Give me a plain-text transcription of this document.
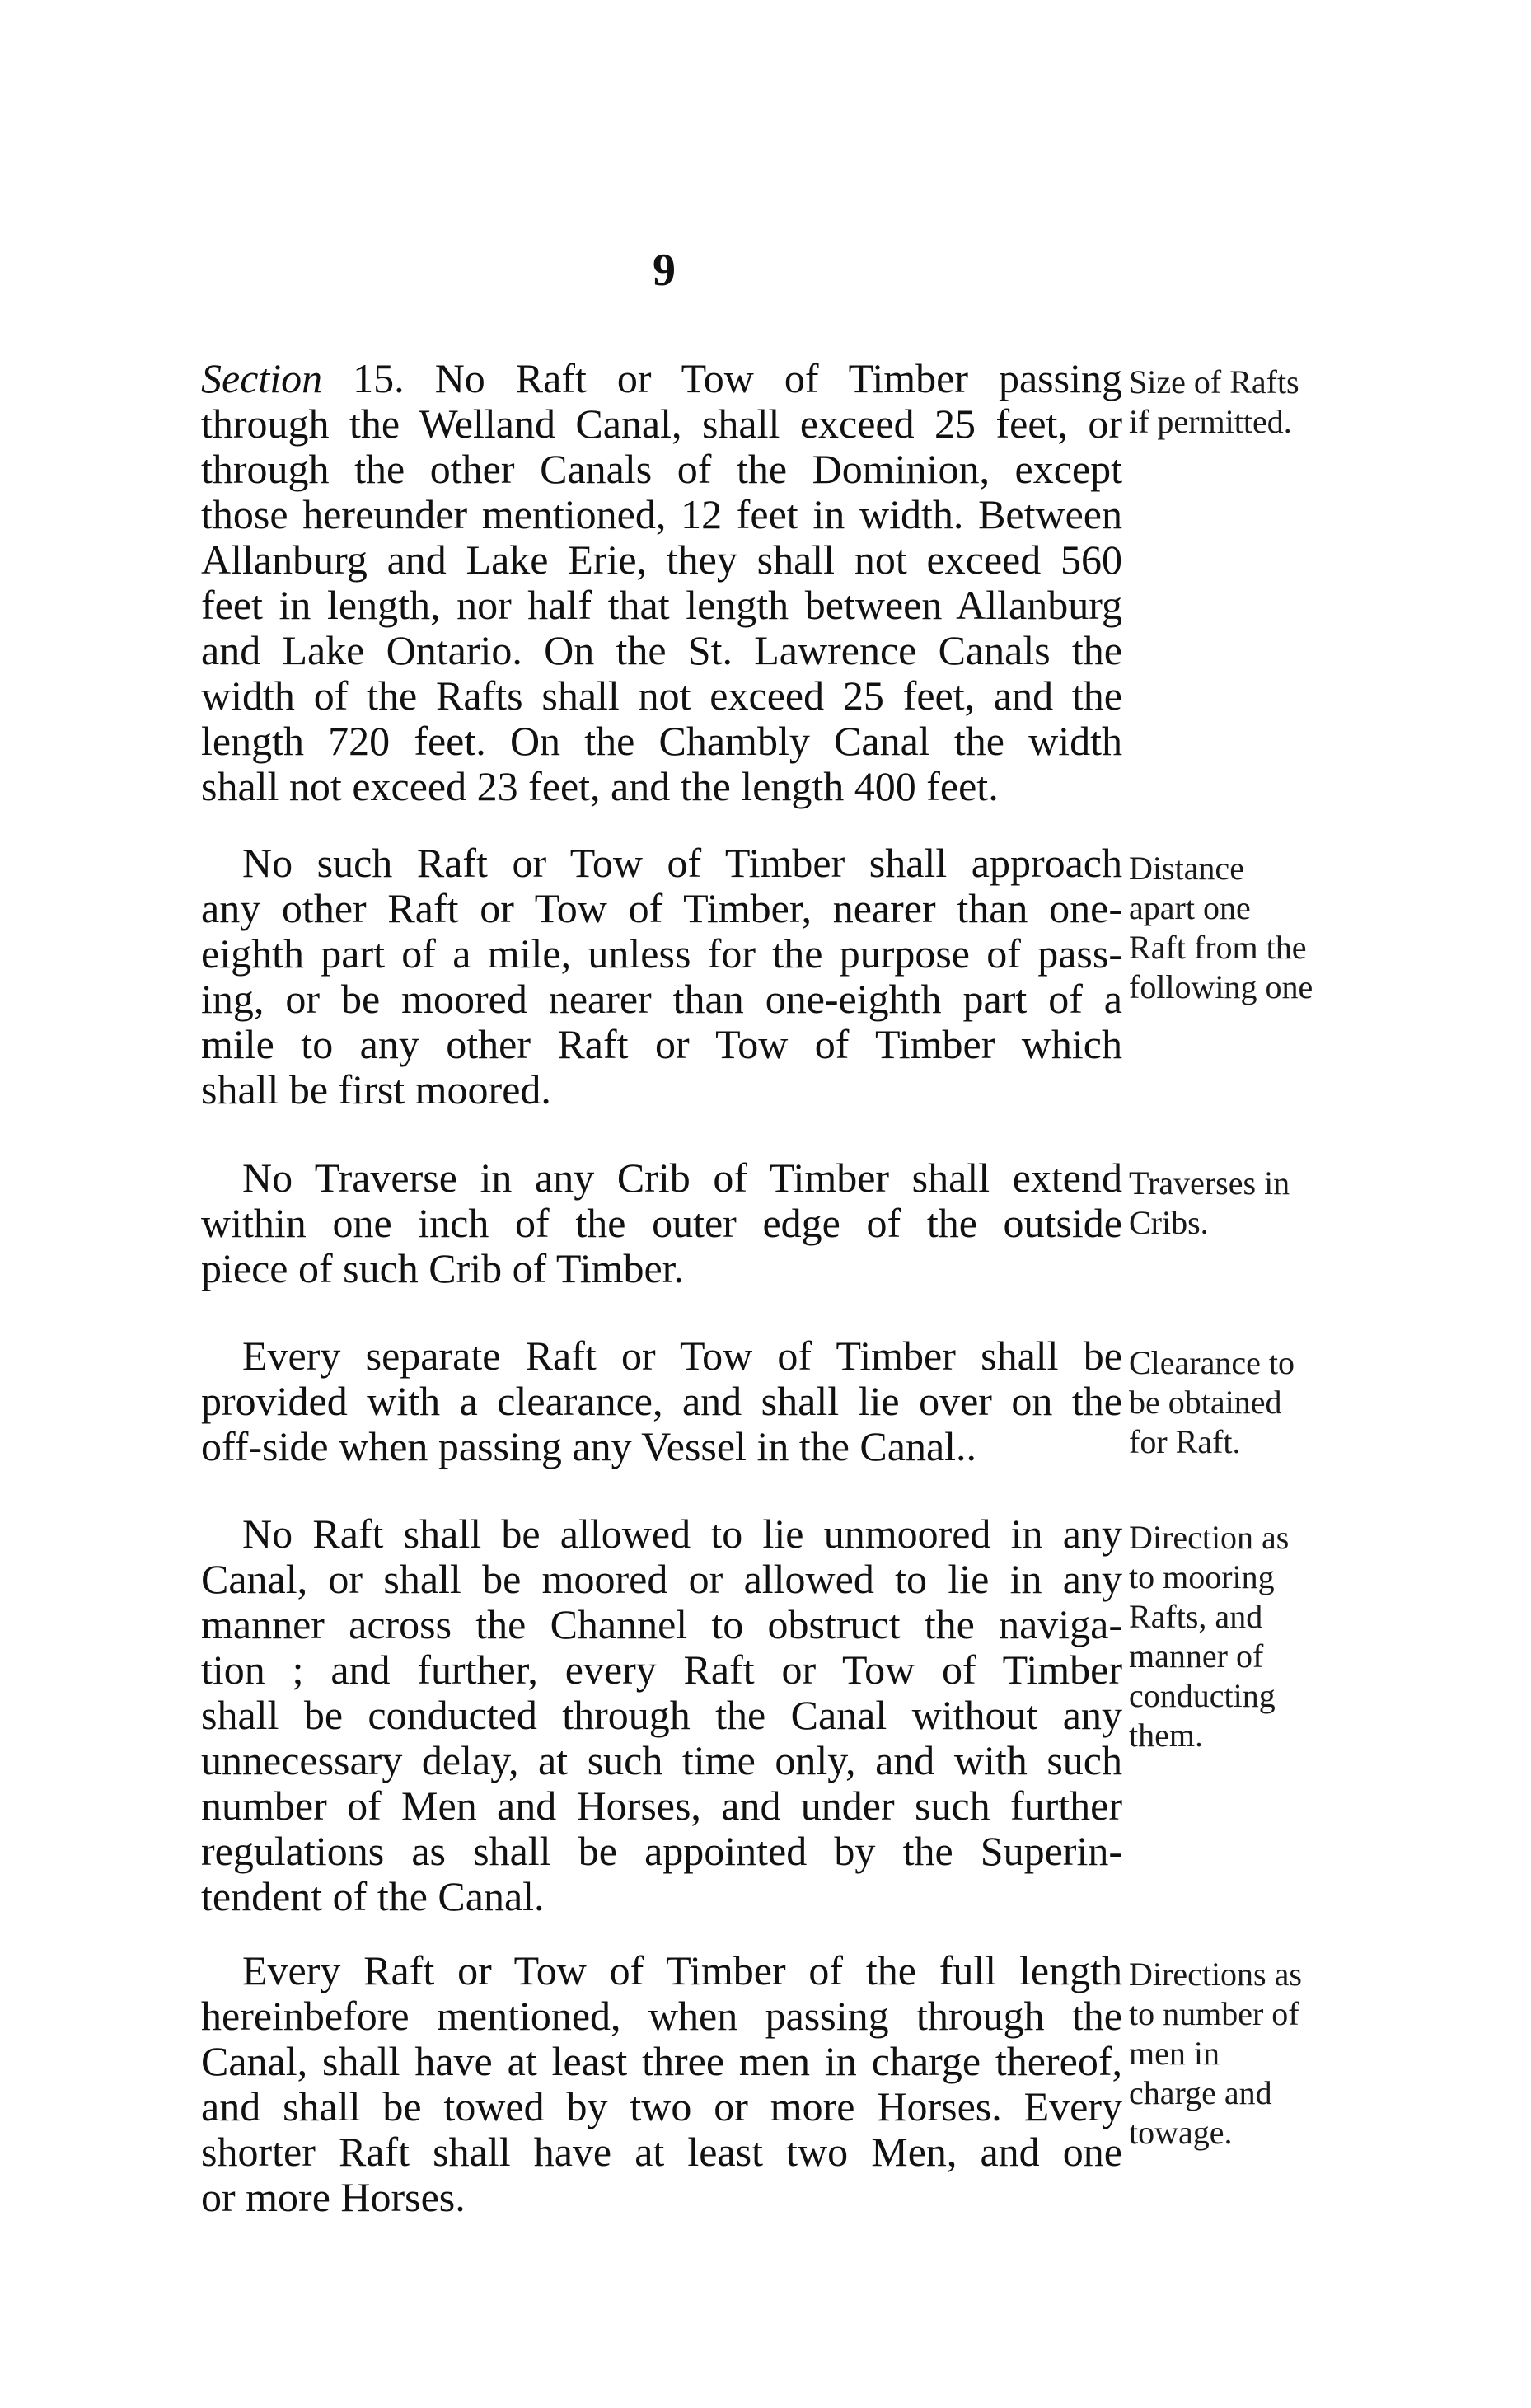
9
Section 15. No Raft or Tow of Timber passing
through the Welland Canal, shall exceed 25 feet, or
through the other Canals of the Dominion, except
those hereunder mentioned, 12 feet in width. Between
Allanburg and Lake Erie, they shall not exceed 560
feet in length, nor half that length between Allanburg
and Lake Ontario. On the St. Lawrence Canals the
width of the Rafts shall not exceed 25 feet, and the
length 720 feet. On the Chambly Canal the width
shall not exceed 23 feet, and the length 400 feet.
Size of Rafts
if permitted.
No such Raft or Tow of Timber shall approach
any other Raft or Tow of Timber, nearer than one-
eighth part of a mile, unless for the purpose of pass-
ing, or be moored nearer than one-eighth part of a
mile to any other Raft or Tow of Timber which
shall be first moored.
Distance
apart one
Raft from the
following one
No Traverse in any Crib of Timber shall extend
within one inch of the outer edge of the outside
piece of such Crib of Timber.
Traverses in
Cribs.
Every separate Raft or Tow of Timber shall be
provided with a clearance, and shall lie over on the
off-side when passing any Vessel in the Canal..
Clearance to
be obtained
for Raft.
No Raft shall be allowed to lie unmoored in any
Canal, or shall be moored or allowed to lie in any
manner across the Channel to obstruct the naviga-
tion ; and further, every Raft or Tow of Timber
shall be conducted through the Canal without any
unnecessary delay, at such time only, and with such
number of Men and Horses, and under such further
regulations as shall be appointed by the Superin-
tendent of the Canal.
Direction as
to mooring
Rafts, and
manner of
conducting
them.
Every Raft or Tow of Timber of the full length
hereinbefore mentioned, when passing through the
Canal, shall have at least three men in charge thereof,
and shall be towed by two or more Horses. Every
shorter Raft shall have at least two Men, and one
or more Horses.
Directions as
to number of
men in
charge and
towage.
